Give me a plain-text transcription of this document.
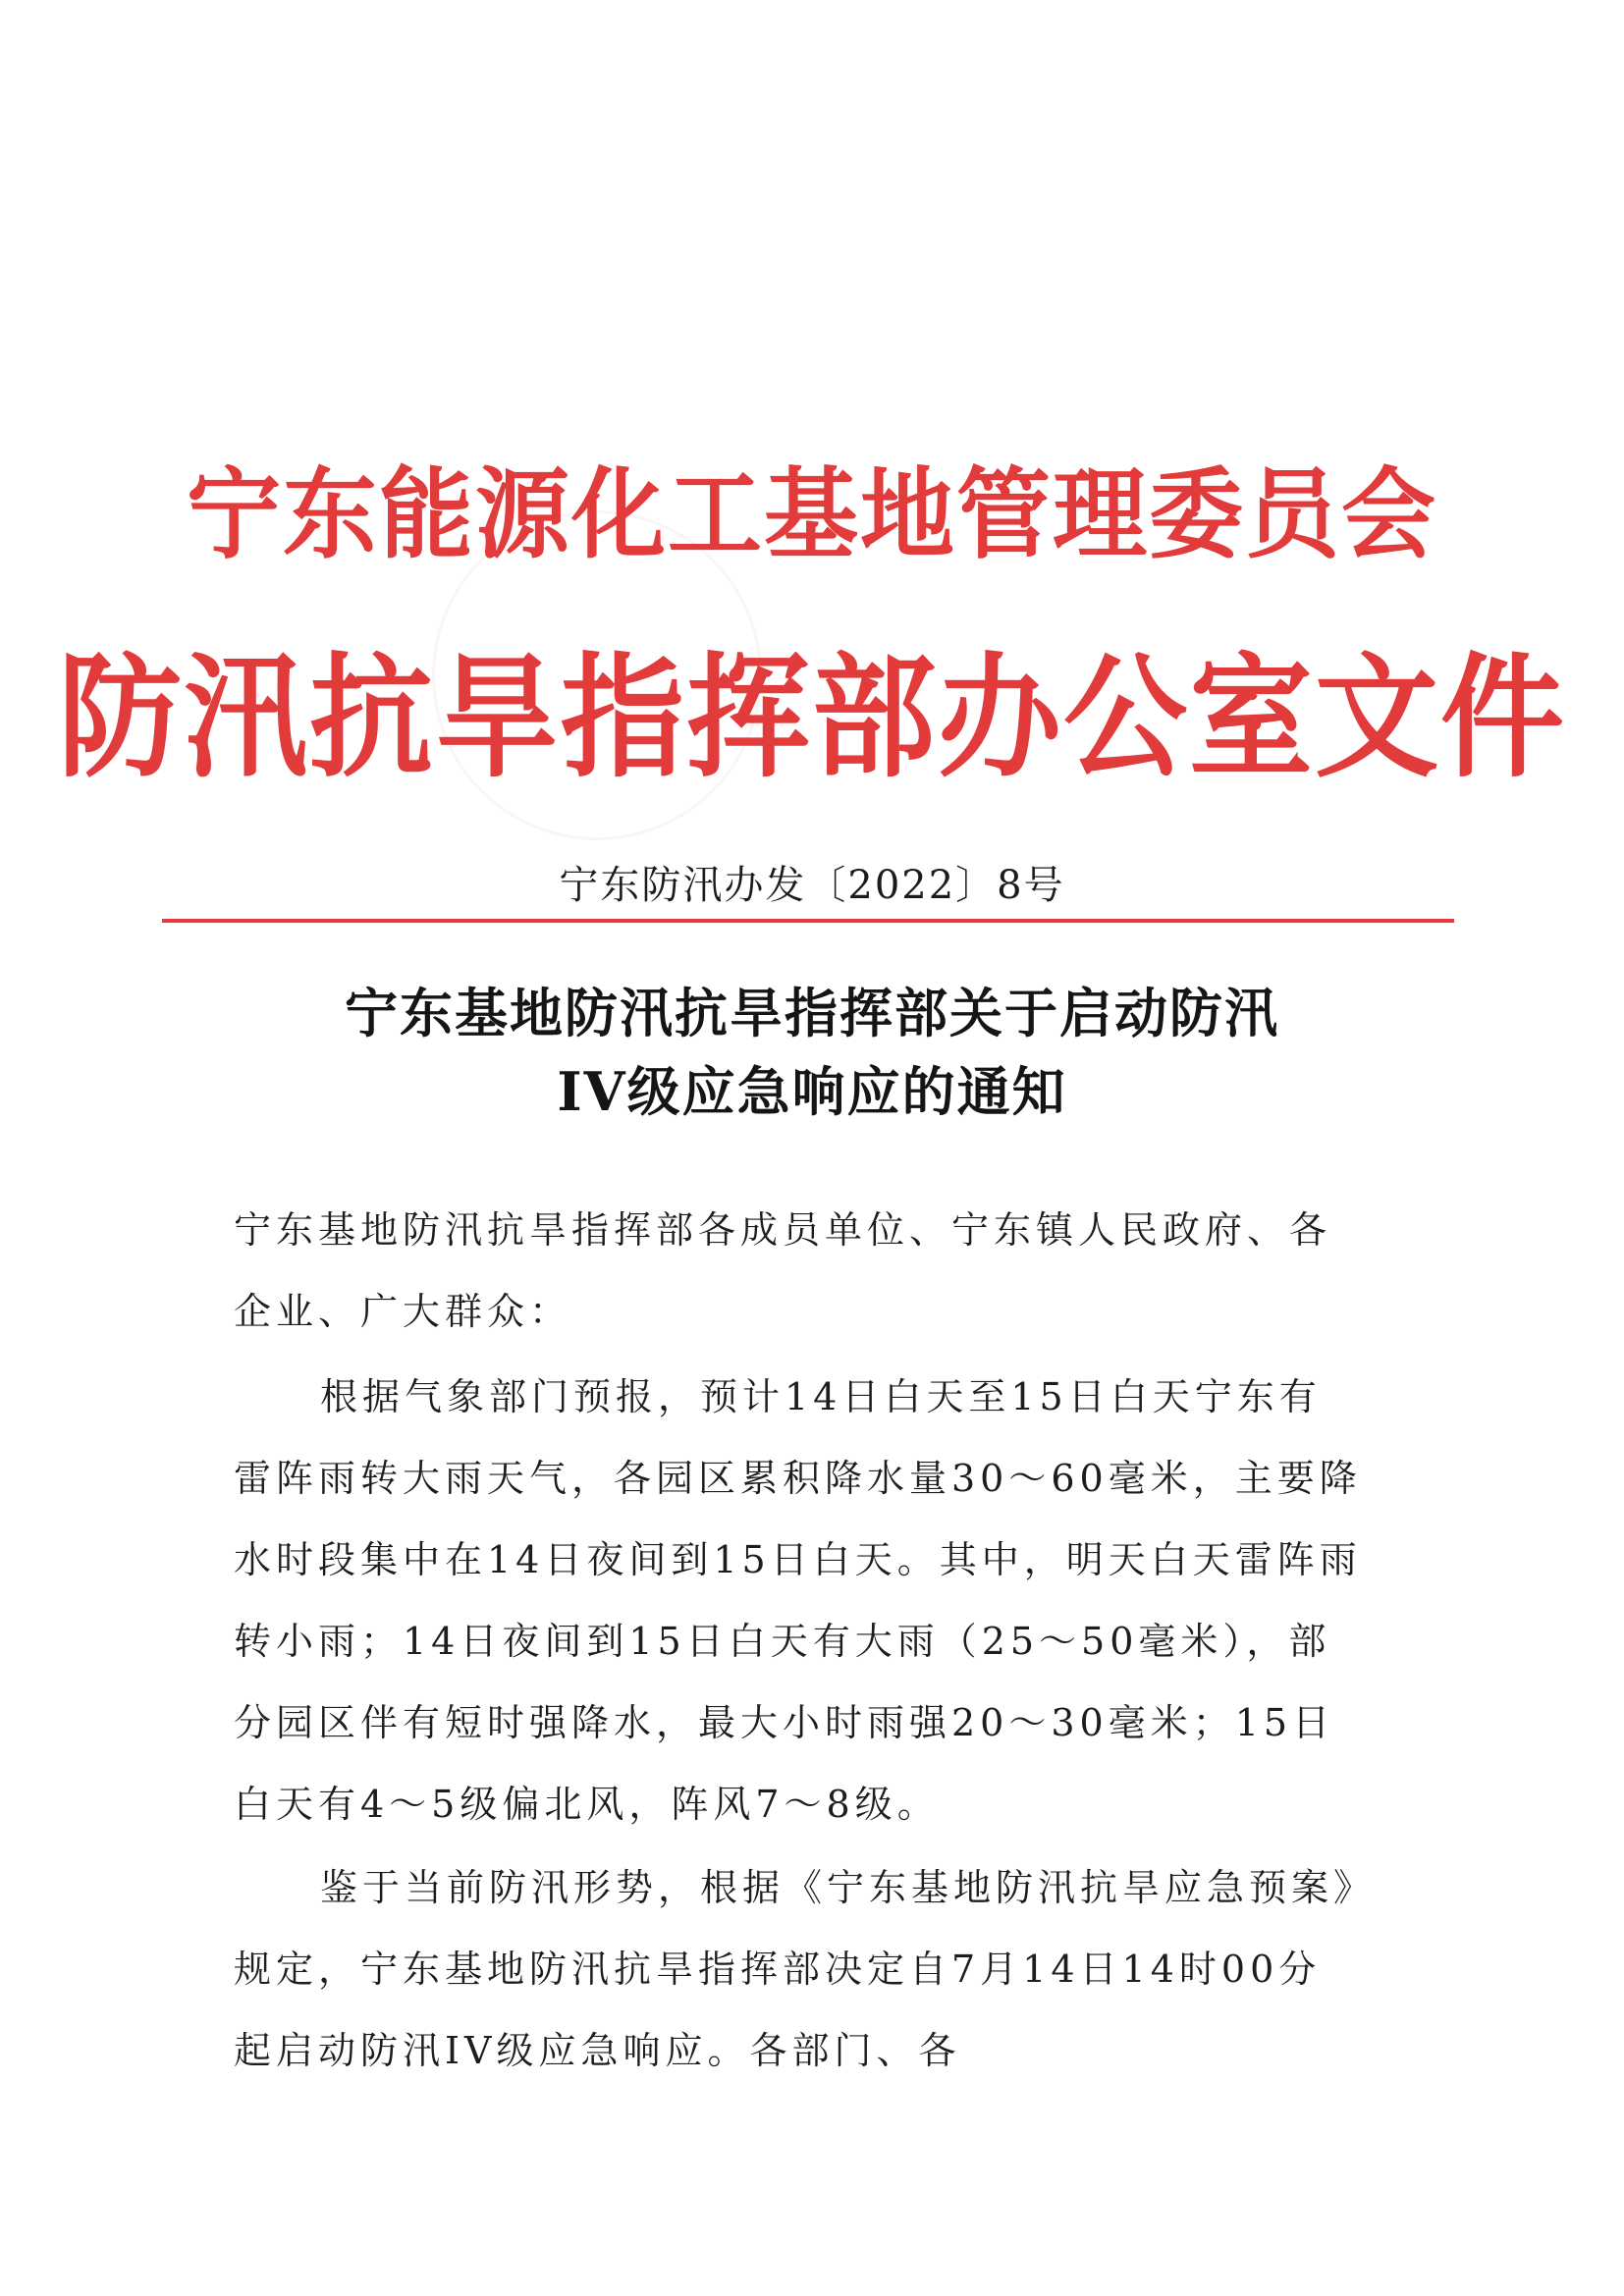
宁东能源化工基地管理委员会
防汛抗旱指挥部办公室文件
宁东防汛办发〔2022〕8号
宁东基地防汛抗旱指挥部关于启动防汛
IV级应急响应的通知
宁东基地防汛抗旱指挥部各成员单位、宁东镇人民政府、各企业、广大群众：
根据气象部门预报，预计14日白天至15日白天宁东有雷阵雨转大雨天气，各园区累积降水量30～60毫米，主要降水时段集中在14日夜间到15日白天。其中，明天白天雷阵雨转小雨；14日夜间到15日白天有大雨（25～50毫米），部分园区伴有短时强降水，最大小时雨强20～30毫米；15日白天有4～5级偏北风，阵风7～8级。
鉴于当前防汛形势，根据《宁东基地防汛抗旱应急预案》规定，宁东基地防汛抗旱指挥部决定自7月14日14时00分起启动防汛IV级应急响应。各部门、各
